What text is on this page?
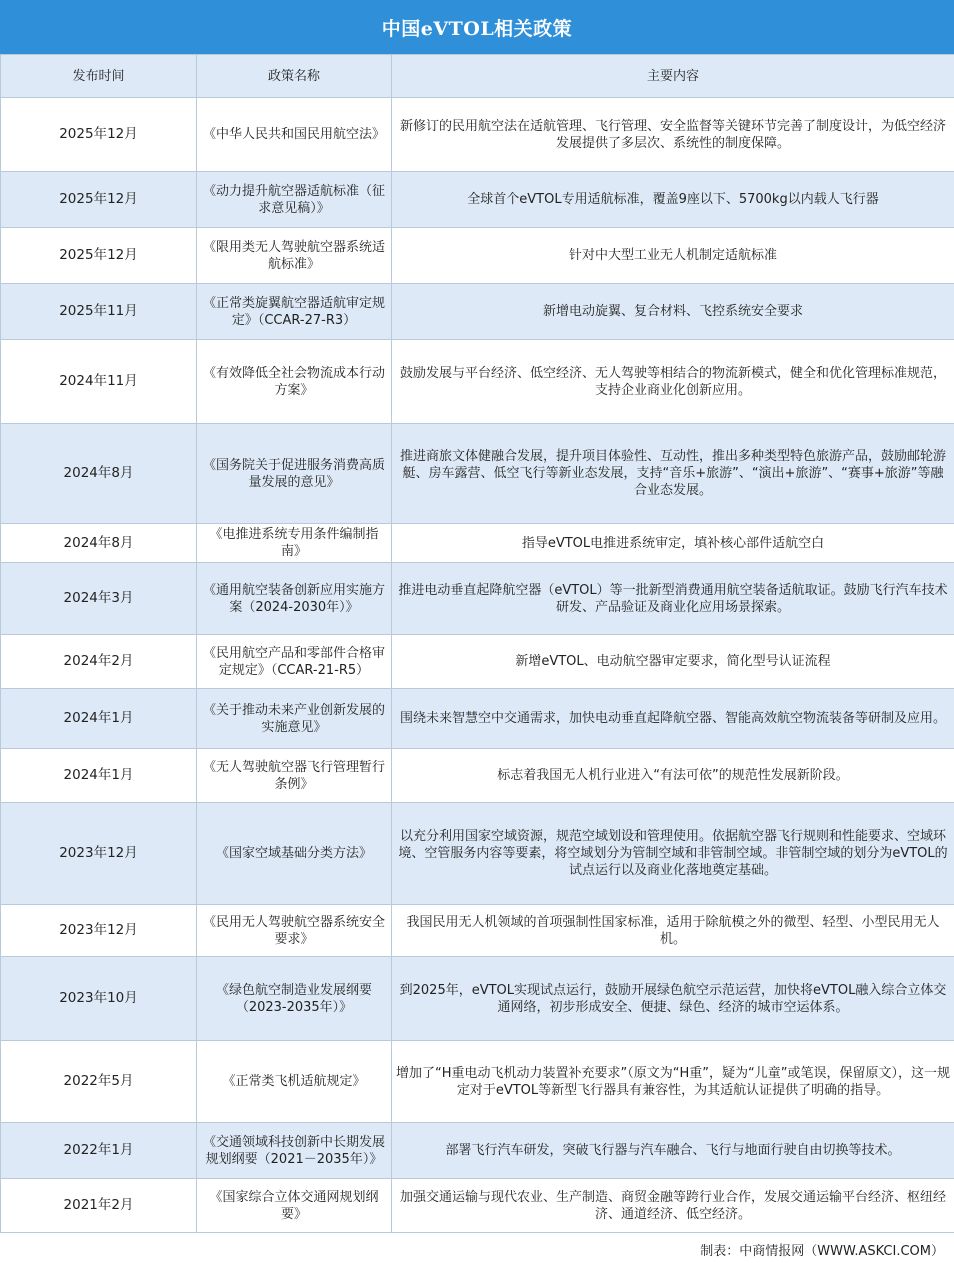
中国eVTOL相关政策
发布时间	政策名称	主要内容
2025年12月	《中华人民共和国民用航空法》	新修订的民用航空法在适航管理、飞行管理、安全监督等关键环节完善了制度设计，为低空经济发展提供了多层次、系统性的制度保障。
2025年12月	《动力提升航空器适航标准（征求意见稿）》	全球首个eVTOL专用适航标准，覆盖9座以下、5700kg以内载人飞行器
2025年12月	《限用类无人驾驶航空器系统适航标准》	针对中大型工业无人机制定适航标准
2025年11月	《正常类旋翼航空器适航审定规定》（CCAR-27-R3）	新增电动旋翼、复合材料、飞控系统安全要求
2024年11月	《有效降低全社会物流成本行动方案》	鼓励发展与平台经济、低空经济、无人驾驶等相结合的物流新模式，健全和优化管理标准规范，支持企业商业化创新应用。
2024年8月	《国务院关于促进服务消费高质量发展的意见》	推进商旅文体健融合发展，提升项目体验性、互动性，推出多种类型特色旅游产品，鼓励邮轮游艇、房车露营、低空飞行等新业态发展，支持“音乐+旅游”、“演出+旅游”、“赛事+旅游”等融合业态发展。
2024年8月	《电推进系统专用条件编制指南》	指导eVTOL电推进系统审定，填补核心部件适航空白
2024年3月	《通用航空装备创新应用实施方案（2024-2030年）》	推进电动垂直起降航空器（eVTOL）等一批新型消费通用航空装备适航取证。鼓励飞行汽车技术研发、产品验证及商业化应用场景探索。
2024年2月	《民用航空产品和零部件合格审定规定》（CCAR-21-R5）	新增eVTOL、电动航空器审定要求，简化型号认证流程
2024年1月	《关于推动未来产业创新发展的实施意见》	围绕未来智慧空中交通需求，加快电动垂直起降航空器、智能高效航空物流装备等研制及应用。
2024年1月	《无人驾驶航空器飞行管理暂行条例》	标志着我国无人机行业进入“有法可依”的规范性发展新阶段。
2023年12月	《国家空域基础分类方法》	以充分利用国家空域资源，规范空域划设和管理使用。依据航空器飞行规则和性能要求、空域环境、空管服务内容等要素，将空域划分为管制空域和非管制空域。非管制空域的划分为eVTOL的试点运行以及商业化落地奠定基础。
2023年12月	《民用无人驾驶航空器系统安全要求》	我国民用无人机领域的首项强制性国家标准，适用于除航模之外的微型、轻型、小型民用无人机。
2023年10月	《绿色航空制造业发展纲要（2023-2035年）》	到2025年，eVTOL实现试点运行，鼓励开展绿色航空示范运营，加快将eVTOL融入综合立体交通网络，初步形成安全、便捷、绿色、经济的城市空运体系。
2022年5月	《正常类飞机适航规定》	增加了“H重电动飞机动力装置补充要求”（原文为“H重”，疑为“儿童”或笔误，保留原文），这一规定对于eVTOL等新型飞行器具有兼容性，为其适航认证提供了明确的指导。
2022年1月	《交通领域科技创新中长期发展规划纲要（2021－2035年）》	部署飞行汽车研发，突破飞行器与汽车融合、飞行与地面行驶自由切换等技术。
2021年2月	《国家综合立体交通网规划纲要》	加强交通运输与现代农业、生产制造、商贸金融等跨行业合作，发展交通运输平台经济、枢纽经济、通道经济、低空经济。
制表：中商情报网（WWW.ASKCI.COM）
